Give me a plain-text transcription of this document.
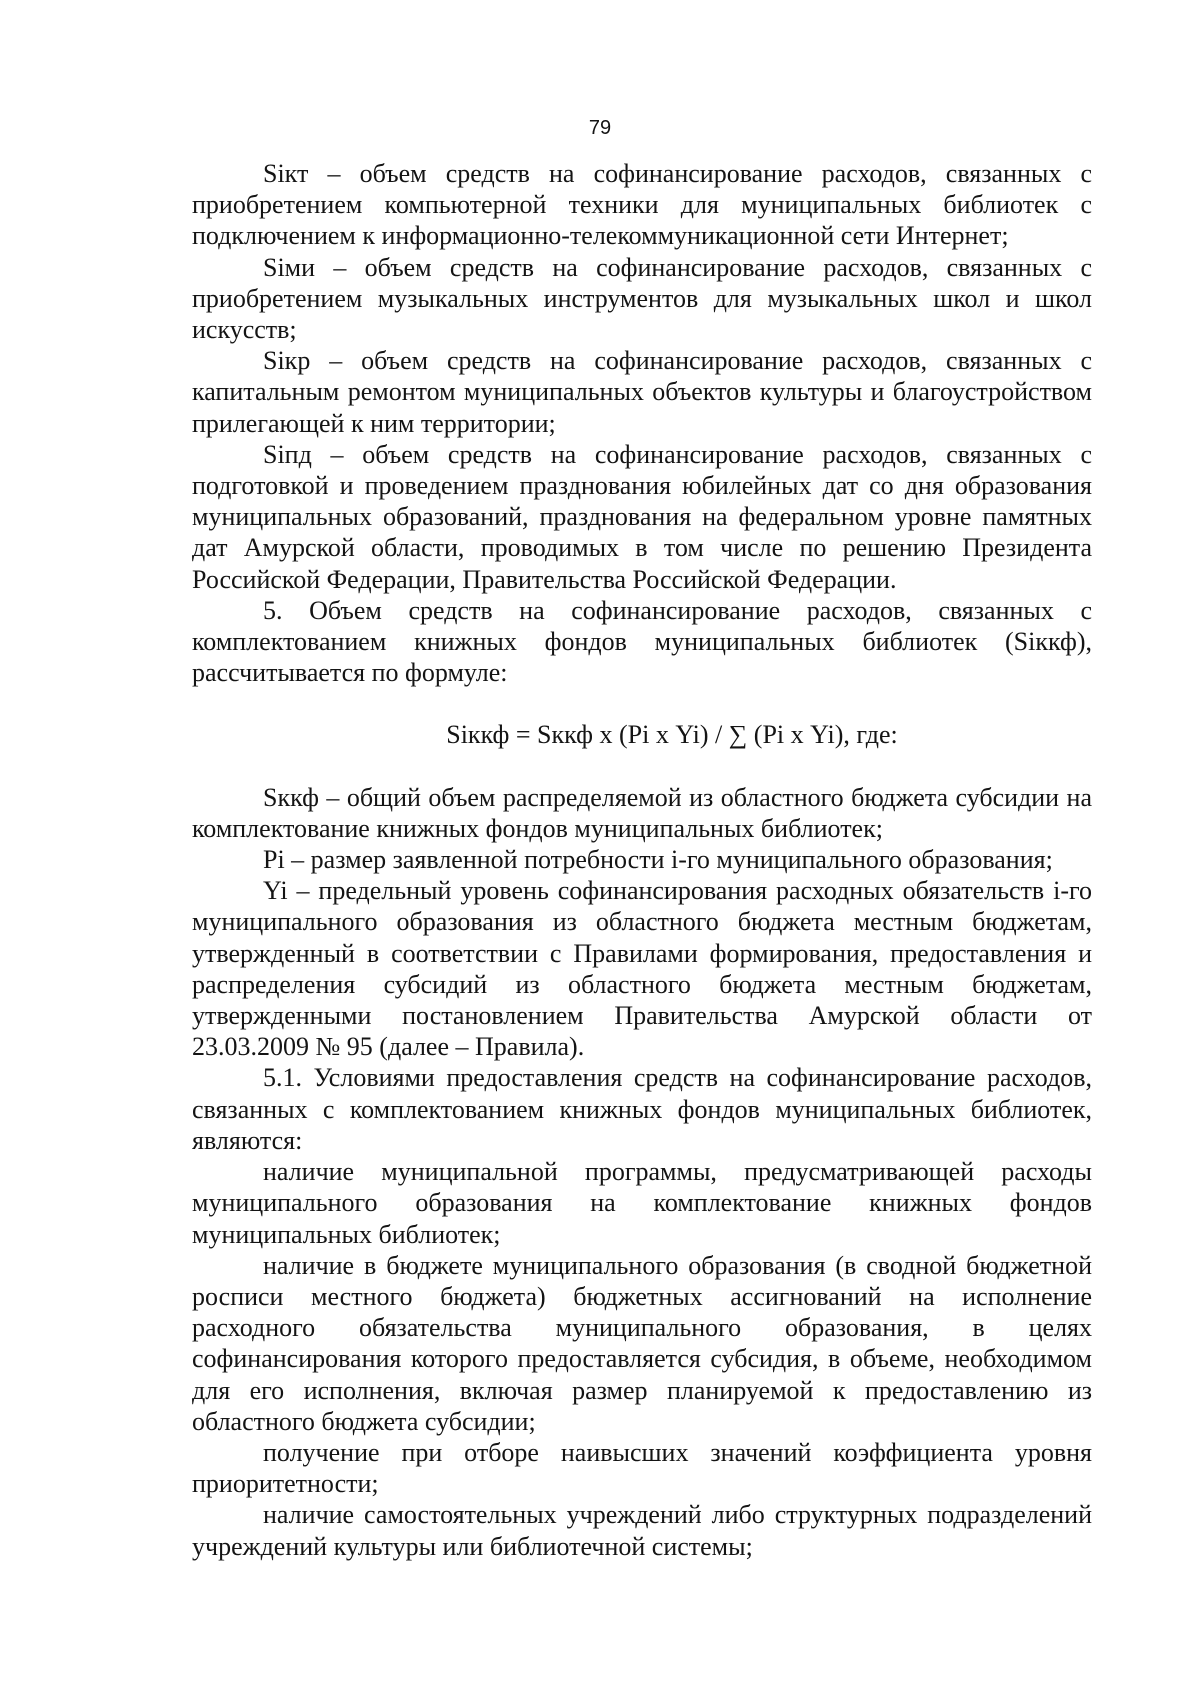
79

Sікт – объем средств на софинансирование расходов, связанных с приобретением компьютерной техники для муниципальных библиотек с подключением к информационно-телекоммуникационной сети Интернет;

Sіми – объем средств на софинансирование расходов, связанных с приобретением музыкальных инструментов для музыкальных школ и школ искусств;

Sікр – объем средств на софинансирование расходов, связанных с капитальным ремонтом муниципальных объектов культуры и благоустройством прилегающей к ним территории;

Sіпд – объем средств на софинансирование расходов, связанных с подготовкой и проведением празднования юбилейных дат со дня образования муниципальных образований, празднования на федеральном уровне памятных дат Амурской области, проводимых в том числе по решению Президента Российской Федерации, Правительства Российской Федерации.

5. Объем средств на софинансирование расходов, связанных с комплектованием книжных фондов муниципальных библиотек (Sіккф), рассчитывается по формуле:

Sіккф = Sккф х (Pi х Yi) / ∑ (Pi х Yi), где:

Sккф – общий объем распределяемой из областного бюджета субсидии на комплектование книжных фондов муниципальных библиотек;

Pi – размер заявленной потребности i-го муниципального образования;

Yi – предельный уровень софинансирования расходных обязательств i-го муниципального образования из областного бюджета местным бюджетам, утвержденный в соответствии с Правилами формирования, предоставления и распределения субсидий из областного бюджета местным бюджетам, утвержденными постановлением Правительства Амурской области от 23.03.2009 № 95 (далее – Правила).

5.1. Условиями предоставления средств на софинансирование расходов, связанных с комплектованием книжных фондов муниципальных библиотек, являются:

наличие муниципальной программы, предусматривающей расходы муниципального образования на комплектование книжных фондов муниципальных библиотек;

наличие в бюджете муниципального образования (в сводной бюджетной росписи местного бюджета) бюджетных ассигнований на исполнение расходного обязательства муниципального образования, в целях софинансирования которого предоставляется субсидия, в объеме, необходимом для его исполнения, включая размер планируемой к предоставлению из областного бюджета субсидии;

получение при отборе наивысших значений коэффициента уровня приоритетности;

наличие самостоятельных учреждений либо структурных подразделений учреждений культуры или библиотечной системы;
